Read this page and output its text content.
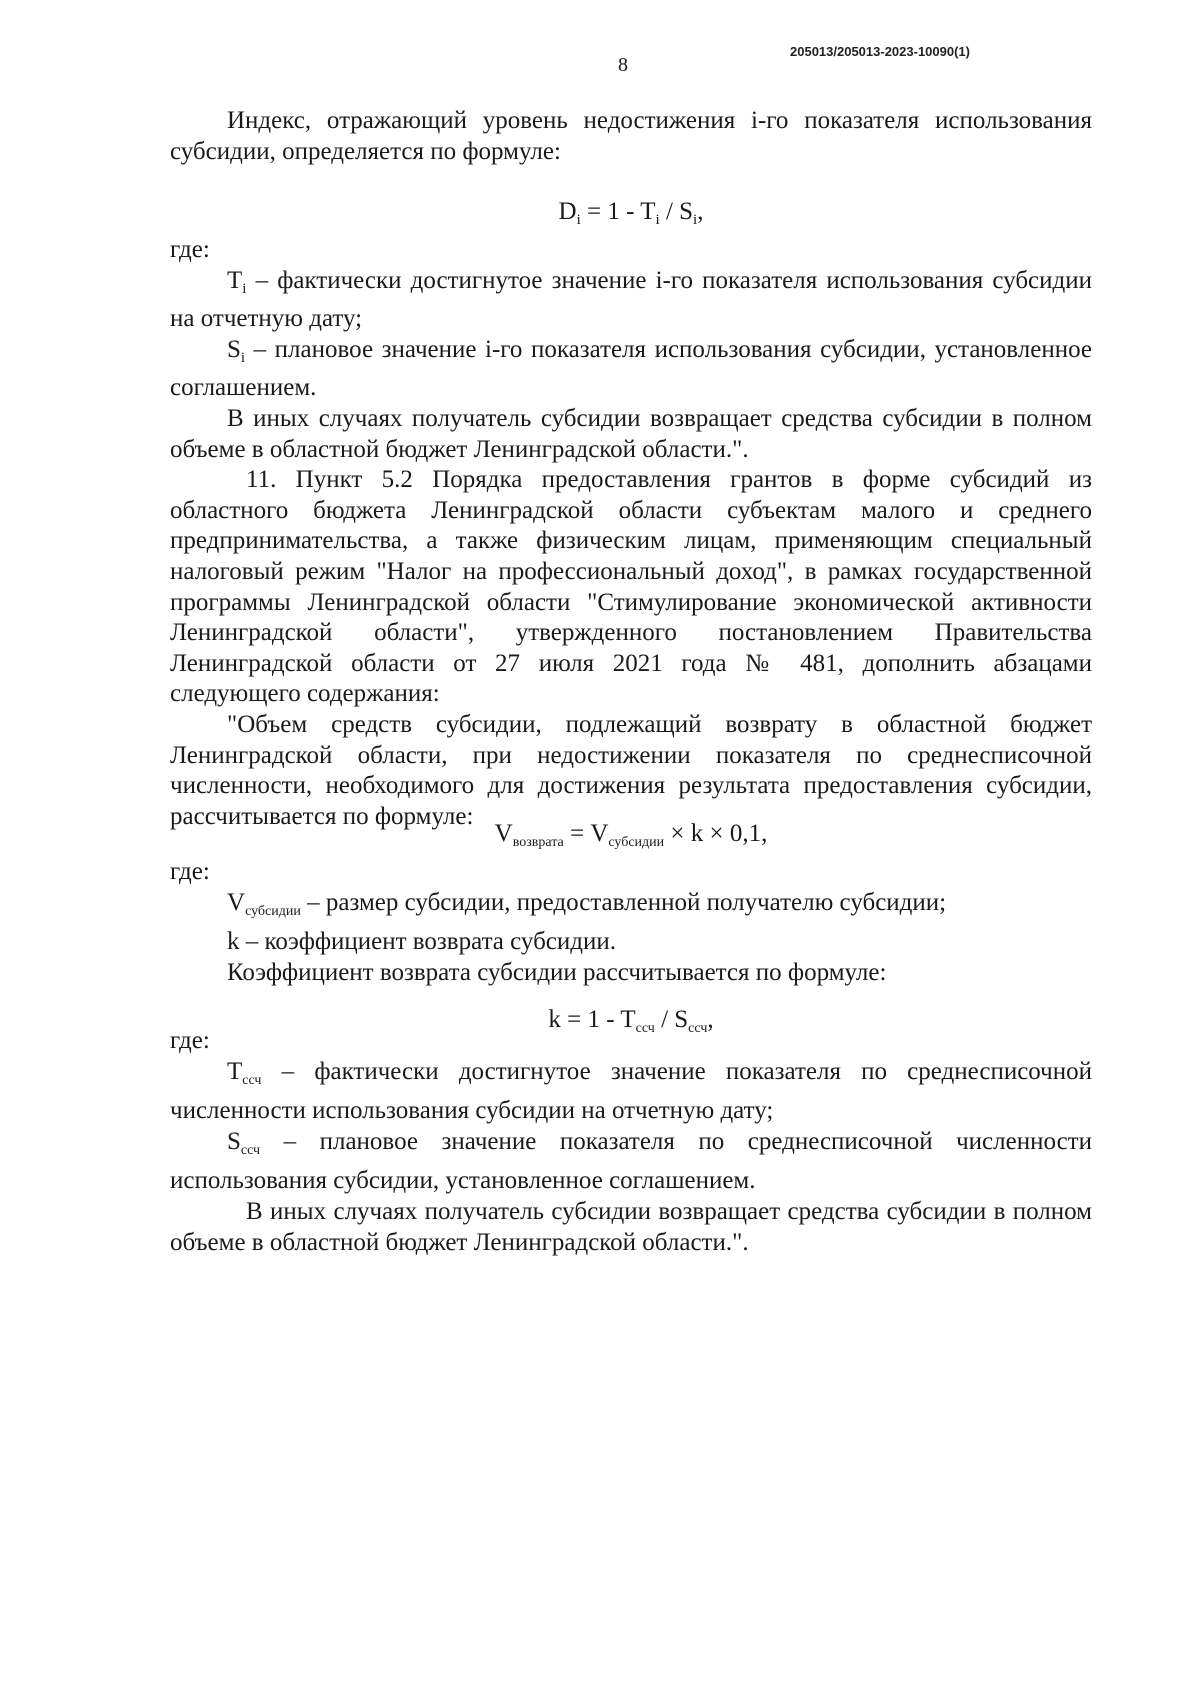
205013/205013-2023-10090(1)
8

Индекс, отражающий уровень недостижения i-го показателя использования субсидии, определяется по формуле:

$D_i = 1 - T_i / S_i$,

где:

$T_i$ – фактически достигнутое значение i-го показателя использования субсидии на отчетную дату;

$S_i$ – плановое значение i-го показателя использования субсидии, установленное соглашением.

В иных случаях получатель субсидии возвращает средства субсидии в полном объеме в областной бюджет Ленинградской области.".

11. Пункт 5.2 Порядка предоставления грантов в форме субсидий из областного бюджета Ленинградской области субъектам малого и среднего предпринимательства, а также физическим лицам, применяющим специальный налоговый режим "Налог на профессиональный доход", в рамках государственной программы Ленинградской области "Стимулирование экономической активности Ленинградской области", утвержденного постановлением Правительства Ленинградской области от 27 июля 2021 года № 481, дополнить абзацами следующего содержания:

"Объем средств субсидии, подлежащий возврату в областной бюджет Ленинградской области, при недостижении показателя по среднесписочной численности, необходимого для достижения результата предоставления субсидии, рассчитывается по формуле:

$V_{возврата} = V_{субсидии} \times k \times 0,1$,

где:

$V_{субсидии}$ – размер субсидии, предоставленной получателю субсидии;

k – коэффициент возврата субсидии.

Коэффициент возврата субсидии рассчитывается по формуле:

$k = 1 - T_{ссч} / S_{ссч}$,

где:

$T_{ссч}$ – фактически достигнутое значение показателя по среднесписочной численности использования субсидии на отчетную дату;

$S_{ссч}$ – плановое значение показателя по среднесписочной численности использования субсидии, установленное соглашением.

В иных случаях получатель субсидии возвращает средства субсидии в полном объеме в областной бюджет Ленинградской области.".
